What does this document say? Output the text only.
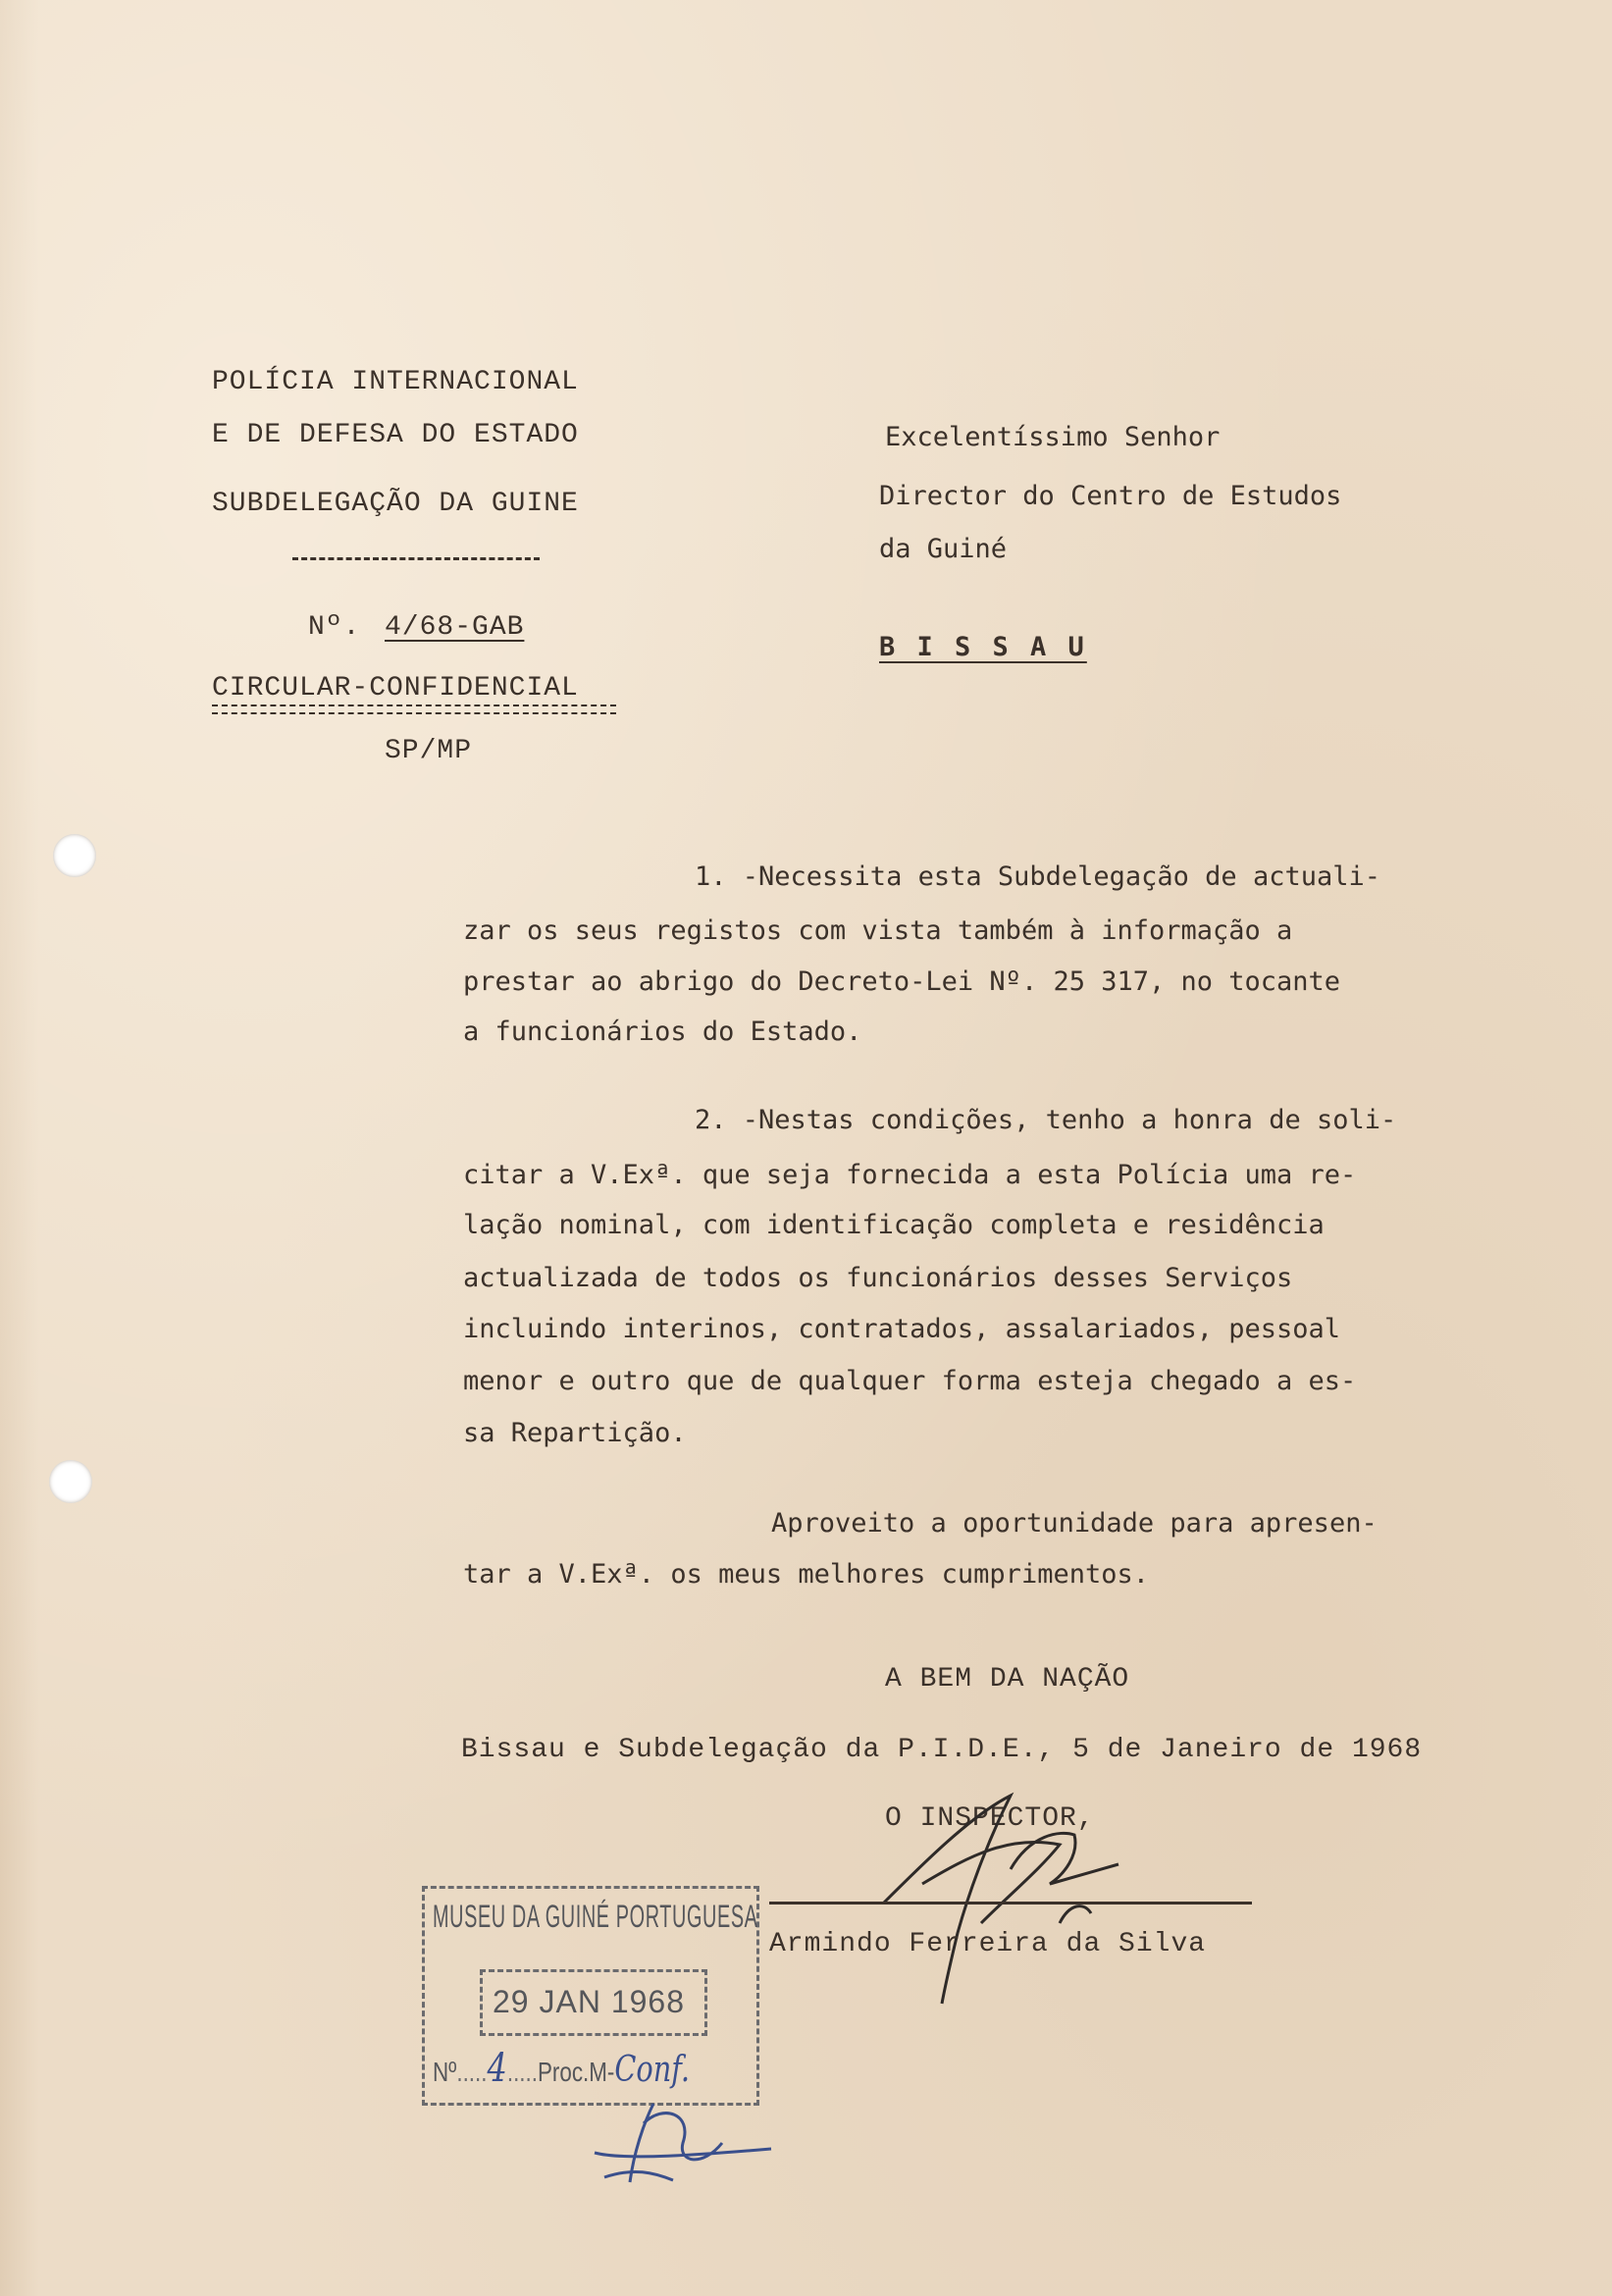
POLÍCIA INTERNACIONAL
E DE DEFESA DO ESTADO
SUBDELEGAÇÃO DA GUINE
Nº. 4/68-GAB
CIRCULAR-CONFIDENCIAL
SP/MP
Excelentíssimo Senhor
Director do Centro de Estudos
da Guiné
B I S S A U
1. -Necessita esta Subdelegação de actuali-
zar os seus registos com vista também à informação a
prestar ao abrigo do Decreto-Lei Nº. 25 317, no tocante
a funcionários do Estado.
2. -Nestas condições, tenho a honra de soli-
citar a V.Exª. que seja fornecida a esta Polícia uma re-
lação nominal, com identificação completa e residência
actualizada de todos os funcionários desses Serviços
incluindo interinos, contratados, assalariados, pessoal
menor e outro que de qualquer forma esteja chegado a es-
sa Repartição.
Aproveito a oportunidade para apresen-
tar a V.Exª. os meus melhores cumprimentos.
A BEM DA NAÇÃO
Bissau e Subdelegação da P.I.D.E., 5 de Janeiro de 1968
O INSPECTOR,
Armindo Ferreira da Silva
MUSEU DA GUINÉ PORTUGUESA
29 JAN 1968
Nº.....4.....Proc.M-Conf.
